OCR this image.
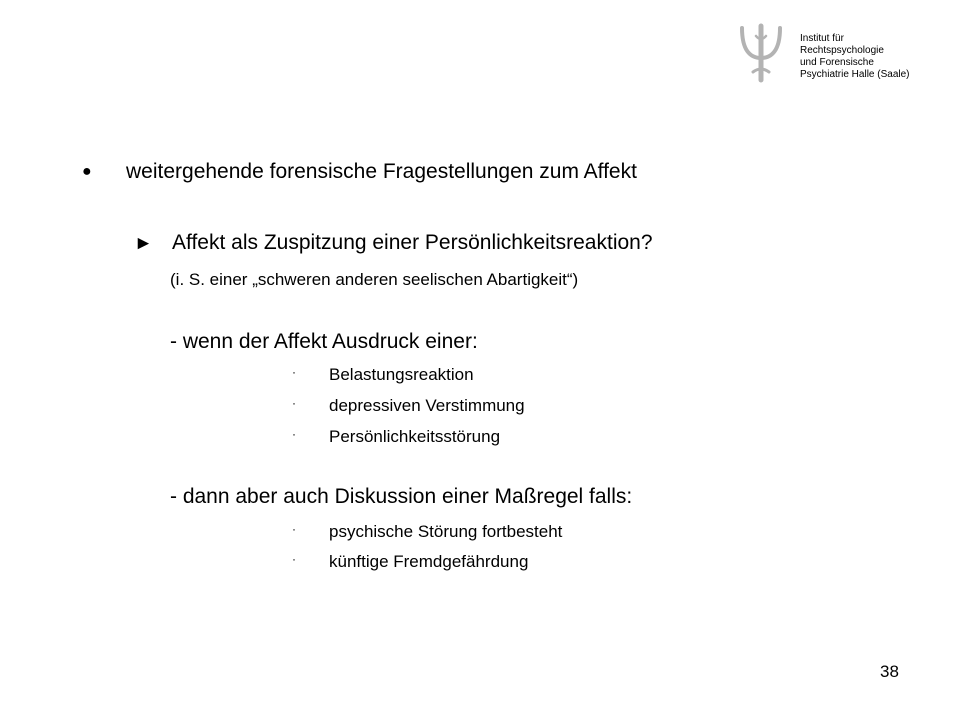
Institut für
Rechtspsychologie
und Forensische
Psychiatrie Halle (Saale)
● weitergehende forensische Fragestellungen zum Affekt
► Affekt als Zuspitzung einer Persönlichkeitsreaktion?
(i. S. einer „schweren anderen seelischen Abartigkeit“)
- wenn der Affekt Ausdruck einer:
· Belastungsreaktion
· depressiven Verstimmung
· Persönlichkeitsstörung
- dann aber auch Diskussion einer Maßregel falls:
· psychische Störung fortbesteht
· künftige Fremdgefährdung
38
